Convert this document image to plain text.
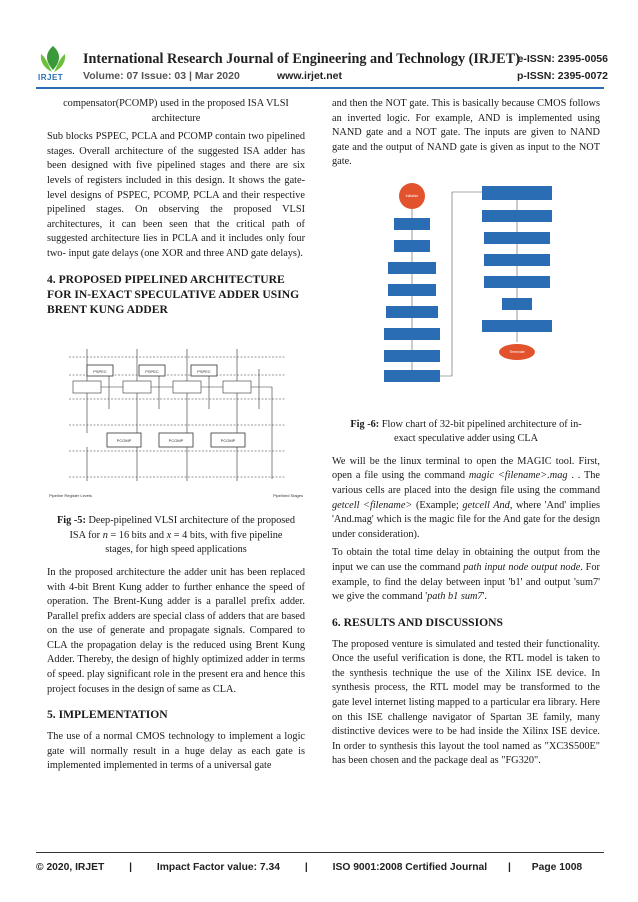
IRJET
International Research Journal of Engineering and Technology (IRJET)
Volume: 07 Issue: 03 | Mar 2020	www.irjet.net
e-ISSN: 2395-0056
p-ISSN: 2395-0072

compensator(PCOMP) used in the proposed ISA VLSI
architecture

Sub blocks PSPEC, PCLA and PCOMP contain two pipelined stages. Overall architecture of the suggested ISA adder has been designed with five pipelined stages and there are six levels of registers included in this design. It shows the gate-level designs of PSPEC, PCOMP, PCLA and their respective pipelined stages. On observing the proposed VLSI architectures, it can been seen that the critical path of suggested architecture lies in PCLA and it includes only four two- input gate delays (one XOR and three AND gate delays).

4. PROPOSED PIPELINED ARCHITECTURE FOR IN-EXACT SPECULATIVE ADDER USING BRENT KUNG ADDER
PSPEC	PSPEC	PSPEC
PCOMP	PCOMP	PCOMP
Pipeline Register Levels	Pipelined Stages

Fig -5: Deep-pipelined VLSI architecture of the proposed ISA for n = 16 bits and x = 4 bits, with five pipeline stages, for high speed applications

In the proposed architecture the adder unit has been replaced with 4-bit Brent Kung adder to further enhance the speed of operation. The Brent-Kung adder is a parallel prefix adder. Parallel prefix adders are special class of adders that are based on the use of generate and propagate signals. Compared to CLA the propagation delay is the reduced using Brent Kung Adder. Thereby, the design of highly optimized adder in terms of speed. play significant role in the present era and hence this project focuses in the design of same as CLA.

5. IMPLEMENTATION

The use of a normal CMOS technology to implement a logic gate will normally result in a huge delay as each gate is implemented implemented in terms of a universal gate

and then the NOT gate. This is basically because CMOS follows an inverted logic. For example, AND is implemented using NAND gate and a NOT gate. The inputs are given to NAND gate and the output of NAND gate is given as input to the NOT gate.

Initialize
Terminate

Fig -6: Flow chart of 32-bit pipelined architecture of in-exact speculative adder using CLA

We will be the linux terminal to open the MAGIC tool. First, open a file using the command magic <filename>.mag . . The various cells are placed into the design file using the command getcell <filename> (Example; getcell And, where 'And' implies 'And.mag' which is the magic file for the And gate for the design under consideration).

To obtain the total time delay in obtaining the output from the input we can use the command path input node output node. For example, to find the delay between input 'b1' and output 'sum7' we give the command 'path b1 sum7'.

6. RESULTS AND DISCUSSIONS

The proposed venture is simulated and tested their functionality. Once the useful verification is done, the RTL model is taken to the synthesis technique the use of the Xilinx ISE device. In synthesis process, the RTL model may be transformed to the gate level internet listing mapped to a particular era library. Here on this ISE challenge navigator of Spartan 3E family, many distinctive devices were to be had inside the Xilinx ISE device. In order to synthesis this layout the tool named as "XC3S500E" has been chosen and the package deal as "FG320".

© 2020, IRJET | Impact Factor value: 7.34 | ISO 9001:2008 Certified Journal | Page 1008
